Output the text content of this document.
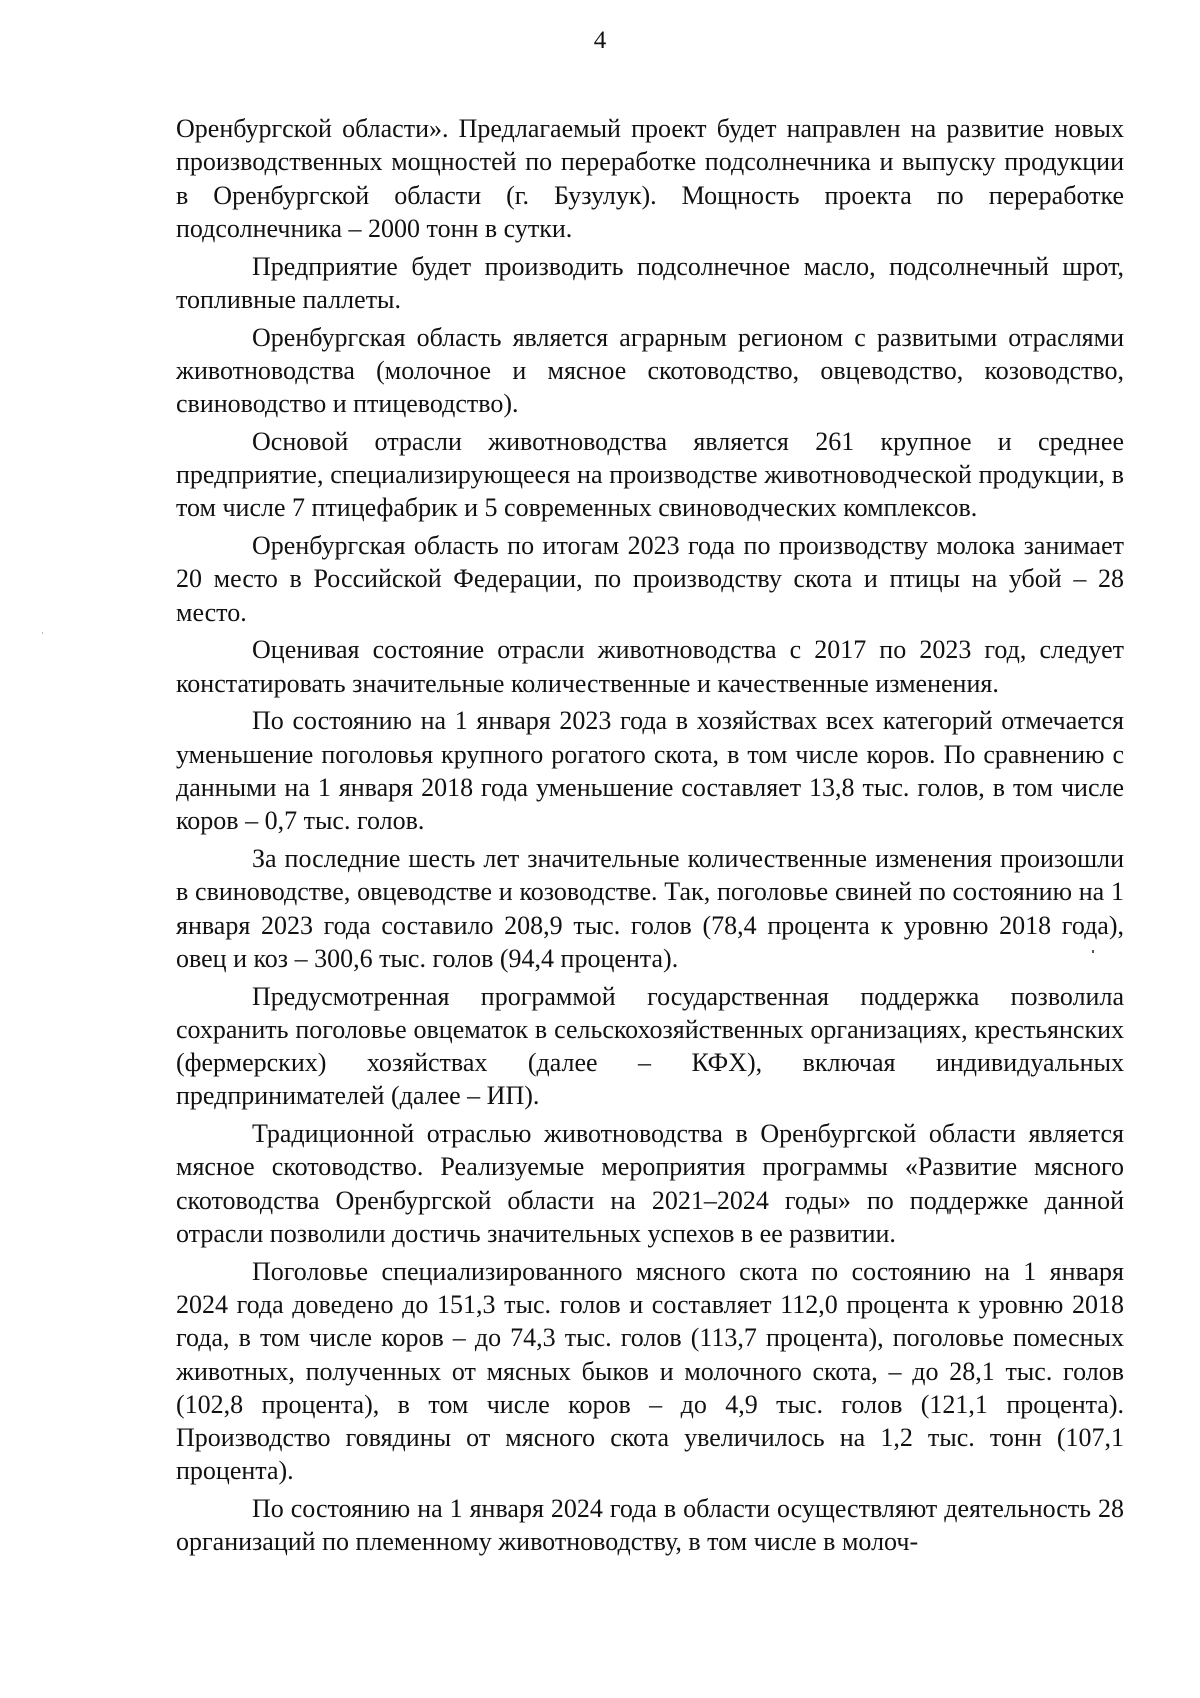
4

Оренбургской области». Предлагаемый проект будет направлен на развитие новых производственных мощностей по переработке подсолнечника и выпуску продукции в Оренбургской области (г. Бузулук). Мощность проекта по переработке подсолнечника – 2000 тонн в сутки.

Предприятие будет производить подсолнечное масло, подсолнечный шрот, топливные паллеты.

Оренбургская область является аграрным регионом с развитыми отраслями животноводства (молочное и мясное скотоводство, овцеводство, козоводство, свиноводство и птицеводство).

Основой отрасли животноводства является 261 крупное и среднее предприятие, специализирующееся на производстве животноводческой продукции, в том числе 7 птицефабрик и 5 современных свиноводческих комплексов.

Оренбургская область по итогам 2023 года по производству молока занимает 20 место в Российской Федерации, по производству скота и птицы на убой – 28 место.

Оценивая состояние отрасли животноводства с 2017 по 2023 год, следует констатировать значительные количественные и качественные изменения.

По состоянию на 1 января 2023 года в хозяйствах всех категорий отмечается уменьшение поголовья крупного рогатого скота, в том числе коров. По сравнению с данными на 1 января 2018 года уменьшение составляет 13,8 тыс. голов, в том числе коров – 0,7 тыс. голов.

За последние шесть лет значительные количественные изменения произошли в свиноводстве, овцеводстве и козоводстве. Так, поголовье свиней по состоянию на 1 января 2023 года составило 208,9 тыс. голов (78,4 процента к уровню 2018 года), овец и коз – 300,6 тыс. голов (94,4 процента).

Предусмотренная программой государственная поддержка позволила сохранить поголовье овцематок в сельскохозяйственных организациях, крестьянских (фермерских) хозяйствах (далее – КФХ), включая индивидуальных предпринимателей (далее – ИП).

Традиционной отраслью животноводства в Оренбургской области является мясное скотоводство. Реализуемые мероприятия программы «Развитие мясного скотоводства Оренбургской области на 2021–2024 годы» по поддержке данной отрасли позволили достичь значительных успехов в ее развитии.

Поголовье специализированного мясного скота по состоянию на 1 января 2024 года доведено до 151,3 тыс. голов и составляет 112,0 процента к уровню 2018 года, в том числе коров – до 74,3 тыс. голов (113,7 процента), поголовье помесных животных, полученных от мясных быков и молочного скота, – до 28,1 тыс. голов (102,8 процента), в том числе коров – до 4,9 тыс. голов (121,1 процента). Производство говядины от мясного скота увеличилось на 1,2 тыс. тонн (107,1 процента).

По состоянию на 1 января 2024 года в области осуществляют деятельность 28 организаций по племенному животноводству, в том числе в молоч-
